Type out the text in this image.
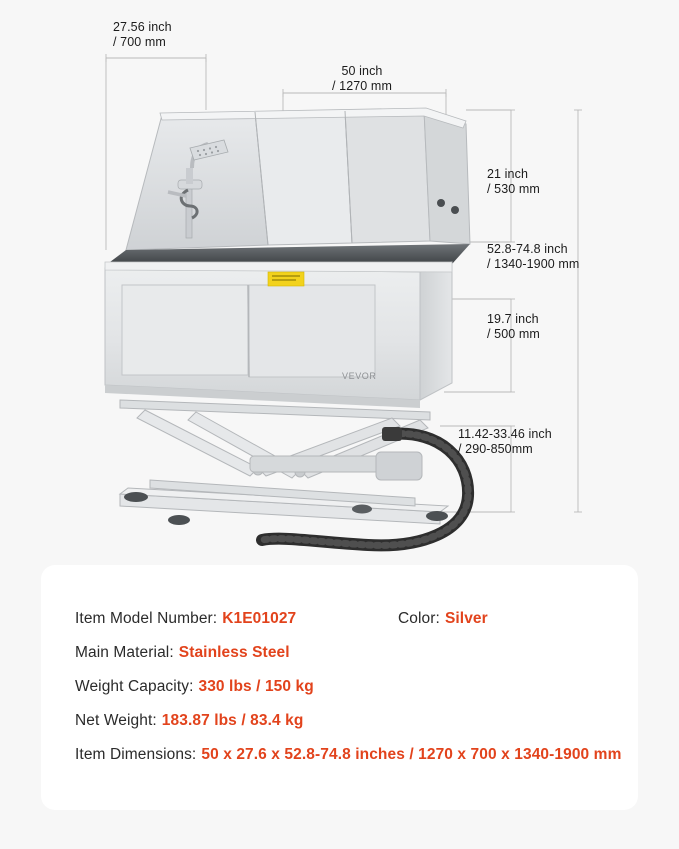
VEVOR
27.56 inch
/ 700 mm
50 inch
/ 1270 mm
21 inch
/ 530 mm
52.8-74.8 inch
/ 1340-1900 mm
19.7 inch
/ 500 mm
11.42-33.46 inch
/ 290-850mm
Item Model Number: K1E01027	Color: Silver
Main Material: Stainless Steel
Weight Capacity: 330 lbs / 150 kg
Net Weight: 183.87 lbs / 83.4 kg
Item Dimensions: 50 x 27.6 x 52.8-74.8 inches / 1270 x 700 x 1340-1900 mm
